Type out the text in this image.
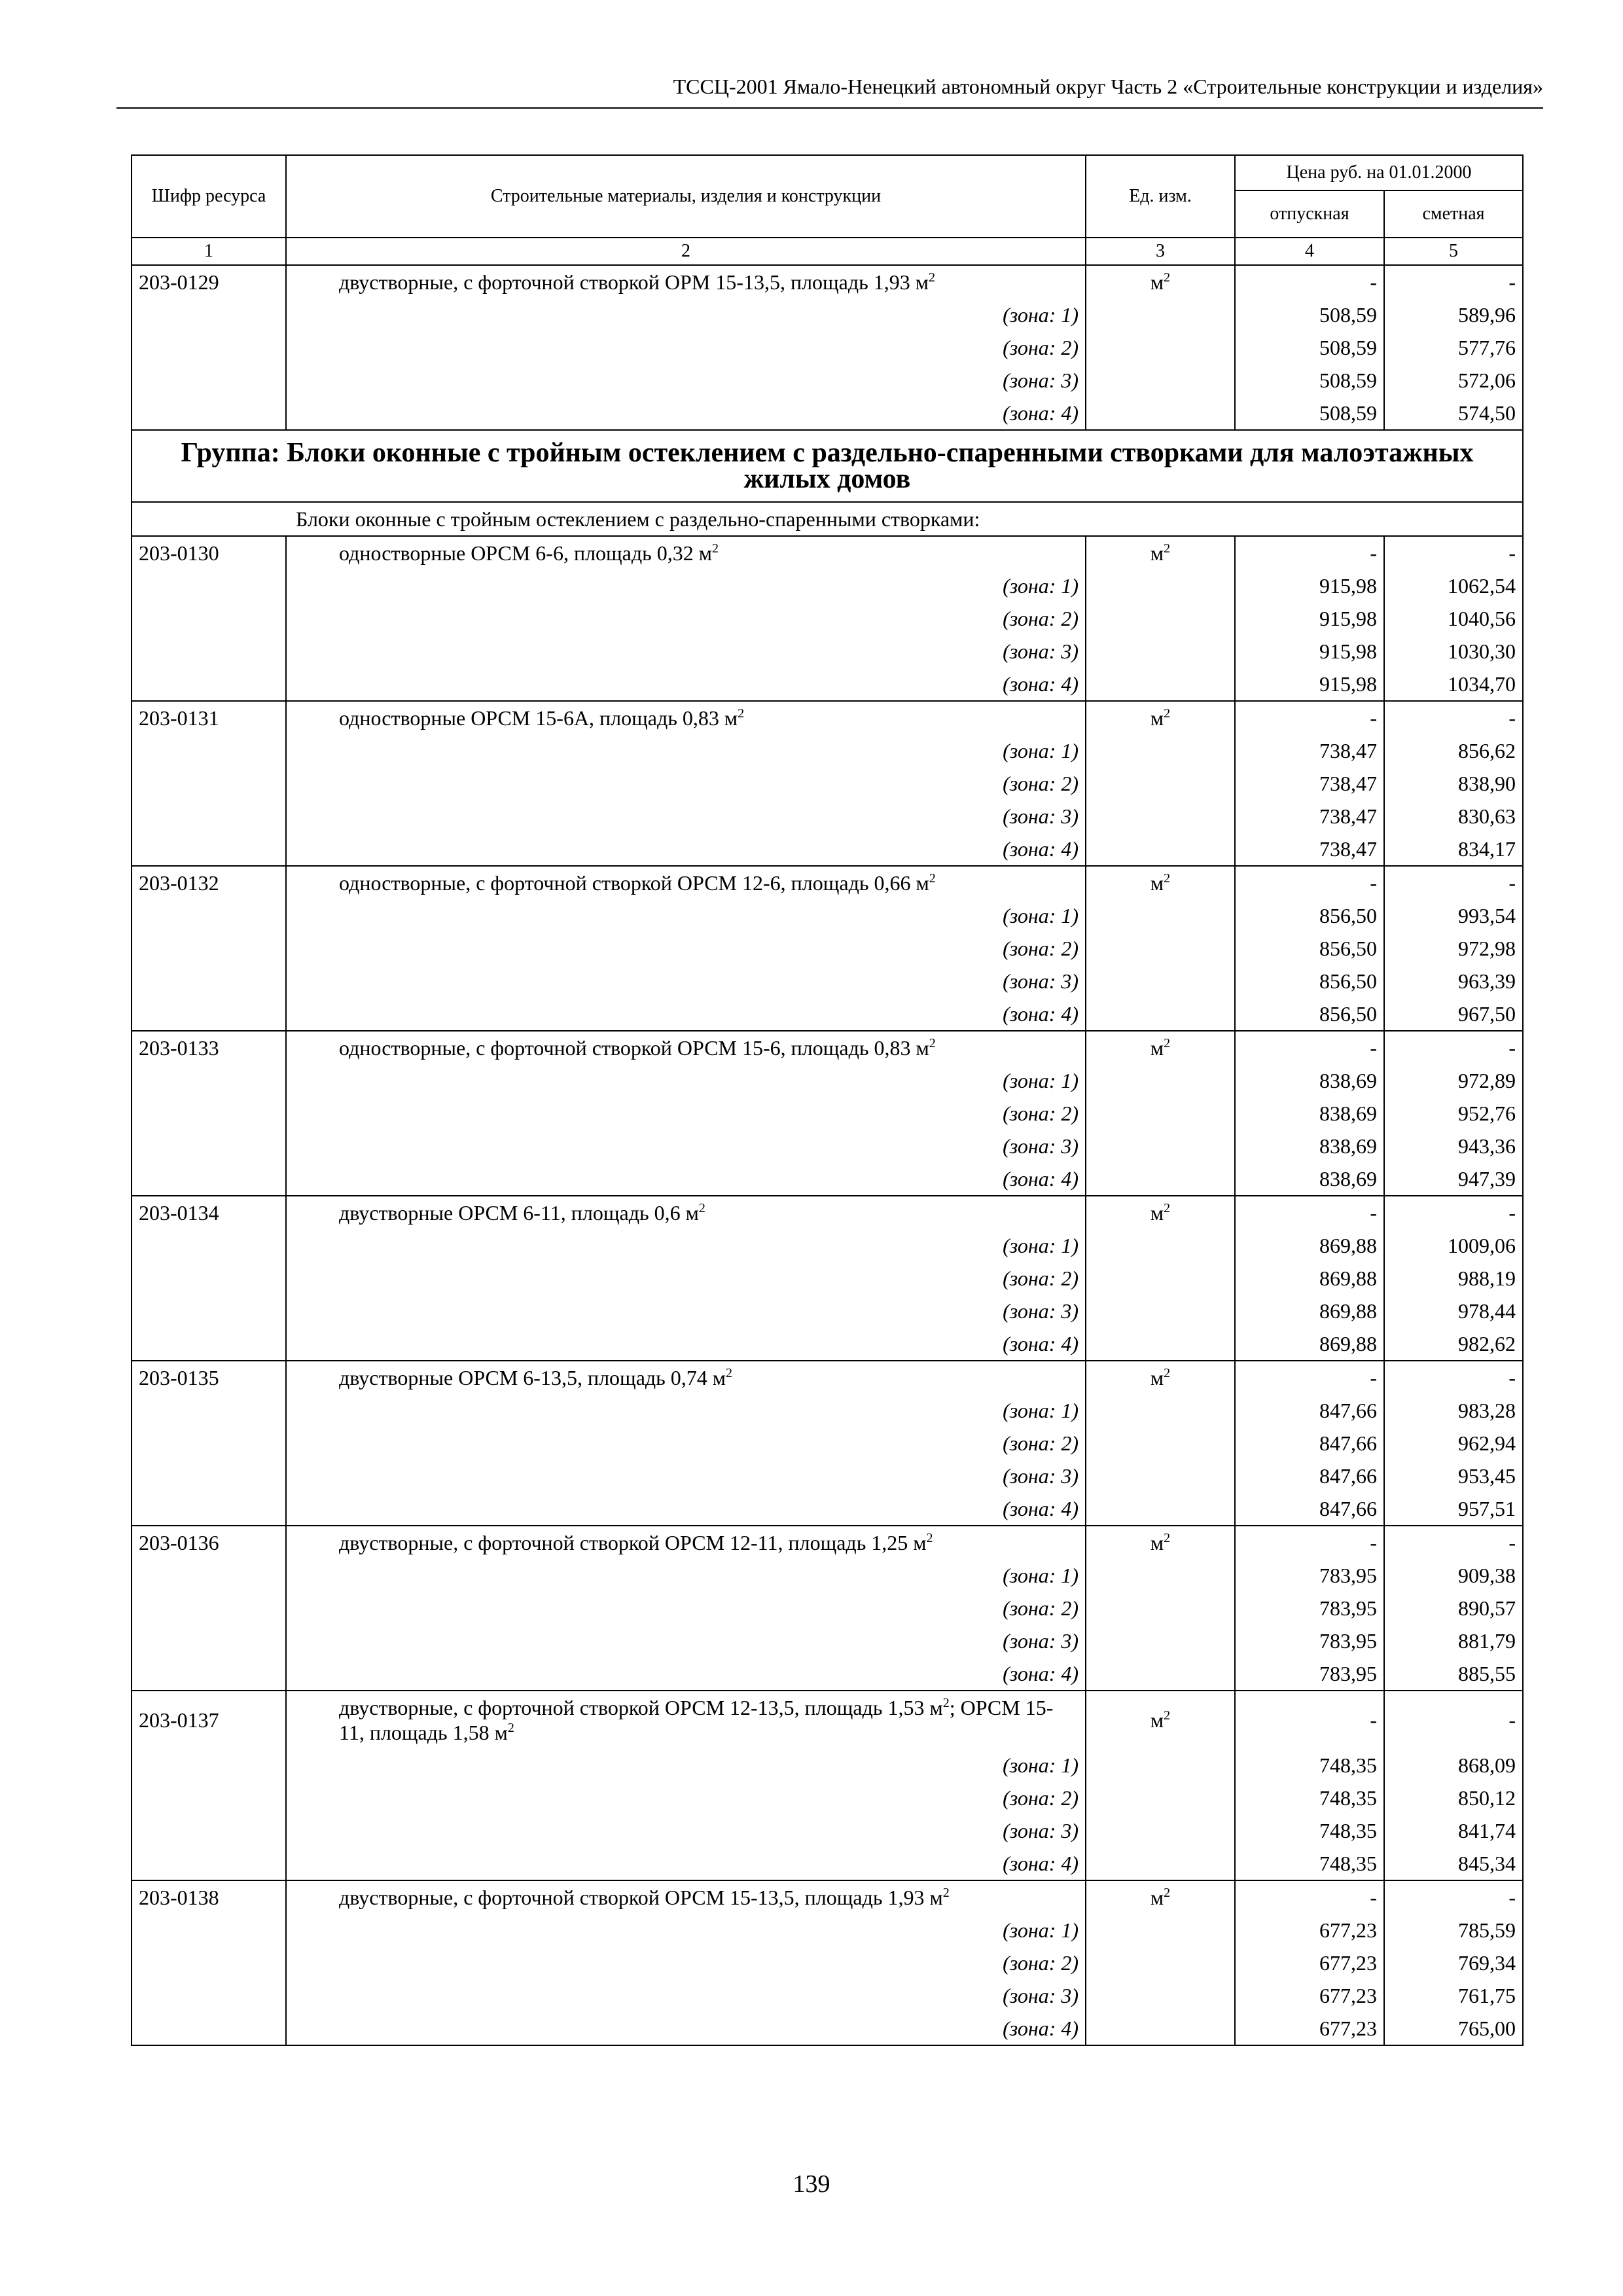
ТССЦ-2001 Ямало-Ненецкий автономный округ Часть 2 «Строительные конструкции и изделия»
Шифр ресурса	Строительные материалы, изделия и конструкции	Ед. изм.	Цена руб. на 01.01.2000	
			отпускная	сметная
1	2	3	4	5
203-0129	двустворные, с форточной створкой ОРМ 15-13,5, площадь 1,93 $м^2$	$м^2$	-	-
	(зона: 1)		508,59	589,96
	(зона: 2)		508,59	577,76
	(зона: 3)		508,59	572,06
	(зона: 4)		508,59	574,50
Группа: Блоки оконные с тройным остеклением с раздельно-спаренными створками для малоэтажных жилых домов				
Блоки оконные с тройным остеклением с раздельно-спаренными створками:				
203-0130	одностворные ОРСМ 6-6, площадь 0,32 $м^2$	$м^2$	-	-
	(зона: 1)		915,98	1062,54
	(зона: 2)		915,98	1040,56
	(зона: 3)		915,98	1030,30
	(зона: 4)		915,98	1034,70
203-0131	одностворные ОРСМ 15-6А, площадь 0,83 $м^2$	$м^2$	-	-
	(зона: 1)		738,47	856,62
	(зона: 2)		738,47	838,90
	(зона: 3)		738,47	830,63
	(зона: 4)		738,47	834,17
203-0132	одностворные, с форточной створкой ОРСМ 12-6, площадь 0,66 $м^2$	$м^2$	-	-
	(зона: 1)		856,50	993,54
	(зона: 2)		856,50	972,98
	(зона: 3)		856,50	963,39
	(зона: 4)		856,50	967,50
203-0133	одностворные, с форточной створкой ОРСМ 15-6, площадь 0,83 $м^2$	$м^2$	-	-
	(зона: 1)		838,69	972,89
	(зона: 2)		838,69	952,76
	(зона: 3)		838,69	943,36
	(зона: 4)		838,69	947,39
203-0134	двустворные ОРСМ 6-11, площадь 0,6 $м^2$	$м^2$	-	-
	(зона: 1)		869,88	1009,06
	(зона: 2)		869,88	988,19
	(зона: 3)		869,88	978,44
	(зона: 4)		869,88	982,62
203-0135	двустворные ОРСМ 6-13,5, площадь 0,74 $м^2$	$м^2$	-	-
	(зона: 1)		847,66	983,28
	(зона: 2)		847,66	962,94
	(зона: 3)		847,66	953,45
	(зона: 4)		847,66	957,51
203-0136	двустворные, с форточной створкой ОРСМ 12-11, площадь 1,25 $м^2$	$м^2$	-	-
	(зона: 1)		783,95	909,38
	(зона: 2)		783,95	890,57
	(зона: 3)		783,95	881,79
	(зона: 4)		783,95	885,55
203-0137	двустворные, с форточной створкой ОРСМ 12-13,5, площадь 1,53 $м^2$; ОРСМ 15-11, площадь 1,58 $м^2$	$м^2$	-	-
	(зона: 1)		748,35	868,09
	(зона: 2)		748,35	850,12
	(зона: 3)		748,35	841,74
	(зона: 4)		748,35	845,34
203-0138	двустворные, с форточной створкой ОРСМ 15-13,5, площадь 1,93 $м^2$	$м^2$	-	-
	(зона: 1)		677,23	785,59
	(зона: 2)		677,23	769,34
	(зона: 3)		677,23	761,75
	(зона: 4)		677,23	765,00
139
